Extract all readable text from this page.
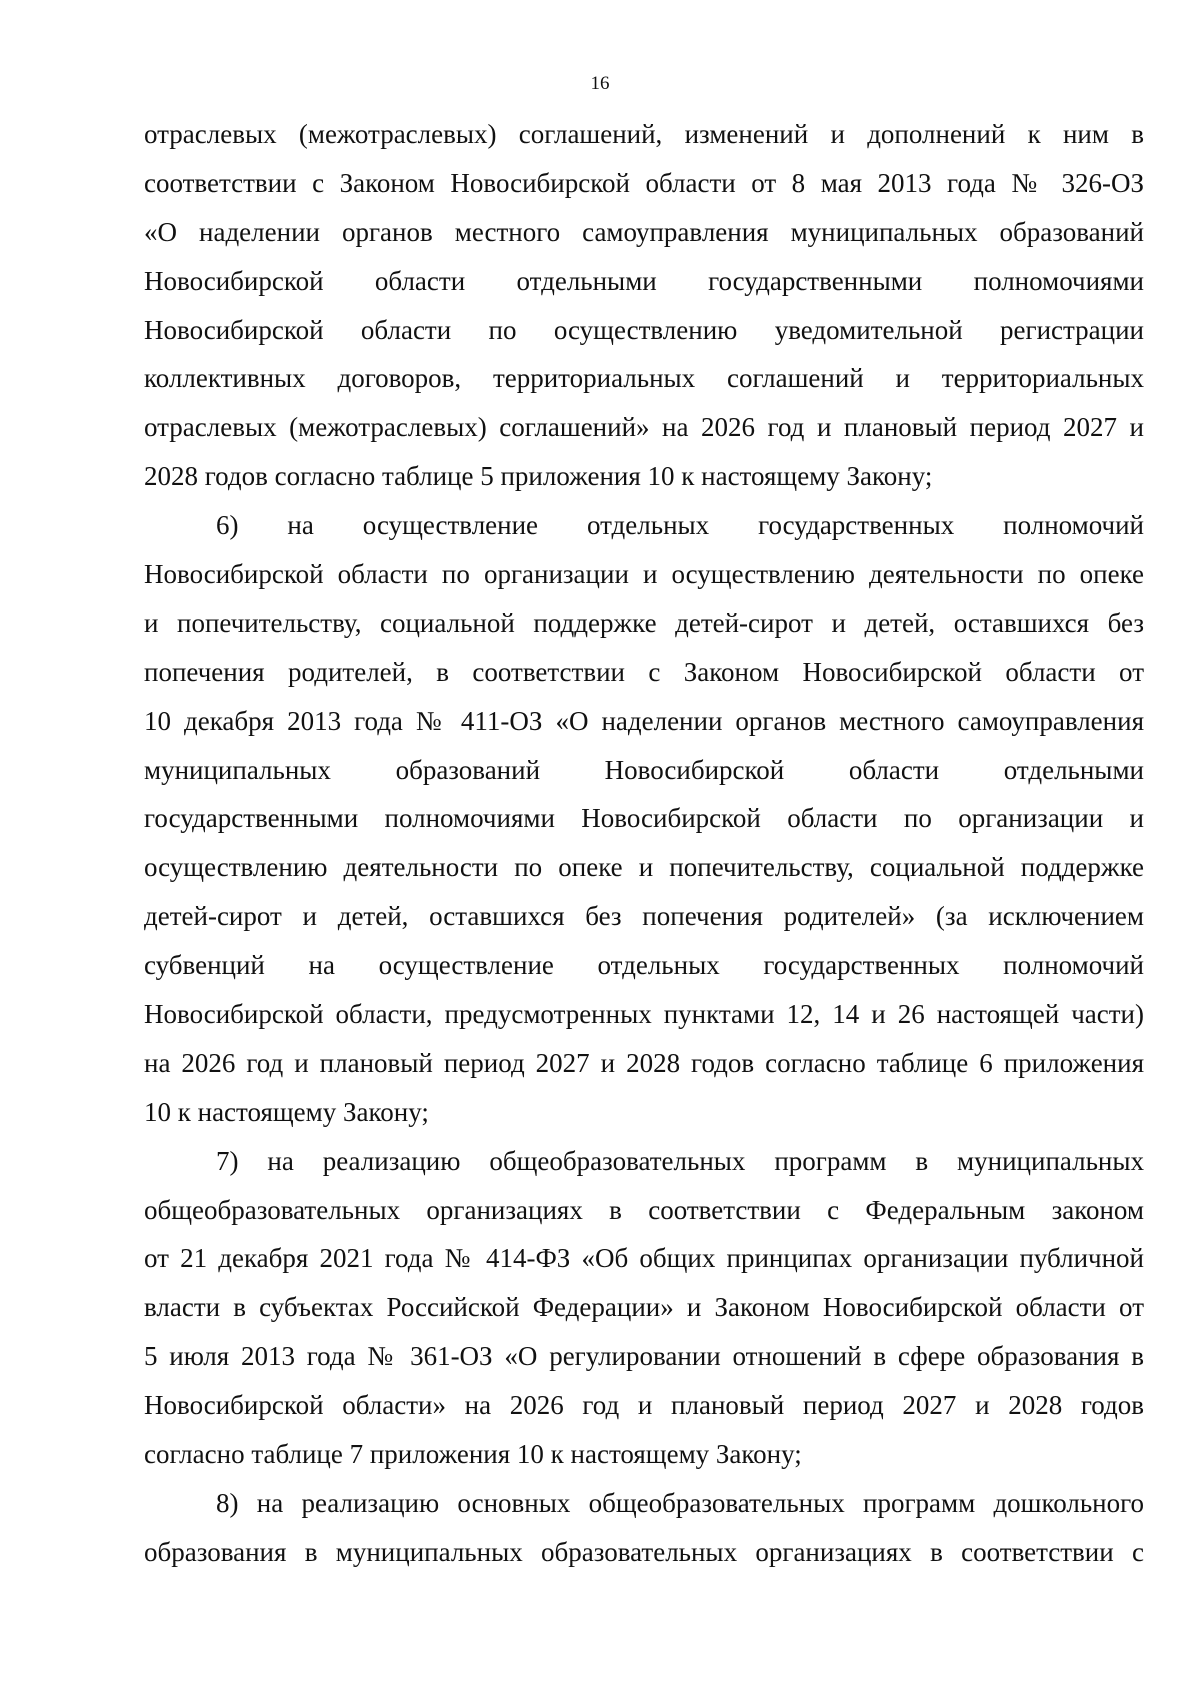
16
отраслевых (межотраслевых) соглашений, изменений и дополнений к ним в
соответствии с Законом Новосибирской области от 8 мая 2013 года № 326-ОЗ
«О наделении органов местного самоуправления муниципальных образований
Новосибирской области отдельными государственными полномочиями
Новосибирской области по осуществлению уведомительной регистрации
коллективных договоров, территориальных соглашений и территориальных
отраслевых (межотраслевых) соглашений» на 2026 год и плановый период 2027 и
2028 годов согласно таблице 5 приложения 10 к настоящему Закону;
6) на осуществление отдельных государственных полномочий
Новосибирской области по организации и осуществлению деятельности по опеке
и попечительству, социальной поддержке детей-сирот и детей, оставшихся без
попечения родителей, в соответствии с Законом Новосибирской области от
10 декабря 2013 года № 411-ОЗ «О наделении органов местного самоуправления
муниципальных образований Новосибирской области отдельными
государственными полномочиями Новосибирской области по организации и
осуществлению деятельности по опеке и попечительству, социальной поддержке
детей-сирот и детей, оставшихся без попечения родителей» (за исключением
субвенций на осуществление отдельных государственных полномочий
Новосибирской области, предусмотренных пунктами 12, 14 и 26 настоящей части)
на 2026 год и плановый период 2027 и 2028 годов согласно таблице 6 приложения
10 к настоящему Закону;
7) на реализацию общеобразовательных программ в муниципальных
общеобразовательных организациях в соответствии с Федеральным законом
от 21 декабря 2021 года № 414-ФЗ «Об общих принципах организации публичной
власти в субъектах Российской Федерации» и Законом Новосибирской области от
5 июля 2013 года № 361-ОЗ «О регулировании отношений в сфере образования в
Новосибирской области» на 2026 год и плановый период 2027 и 2028 годов
согласно таблице 7 приложения 10 к настоящему Закону;
8) на реализацию основных общеобразовательных программ дошкольного
образования в муниципальных образовательных организациях в соответствии с
